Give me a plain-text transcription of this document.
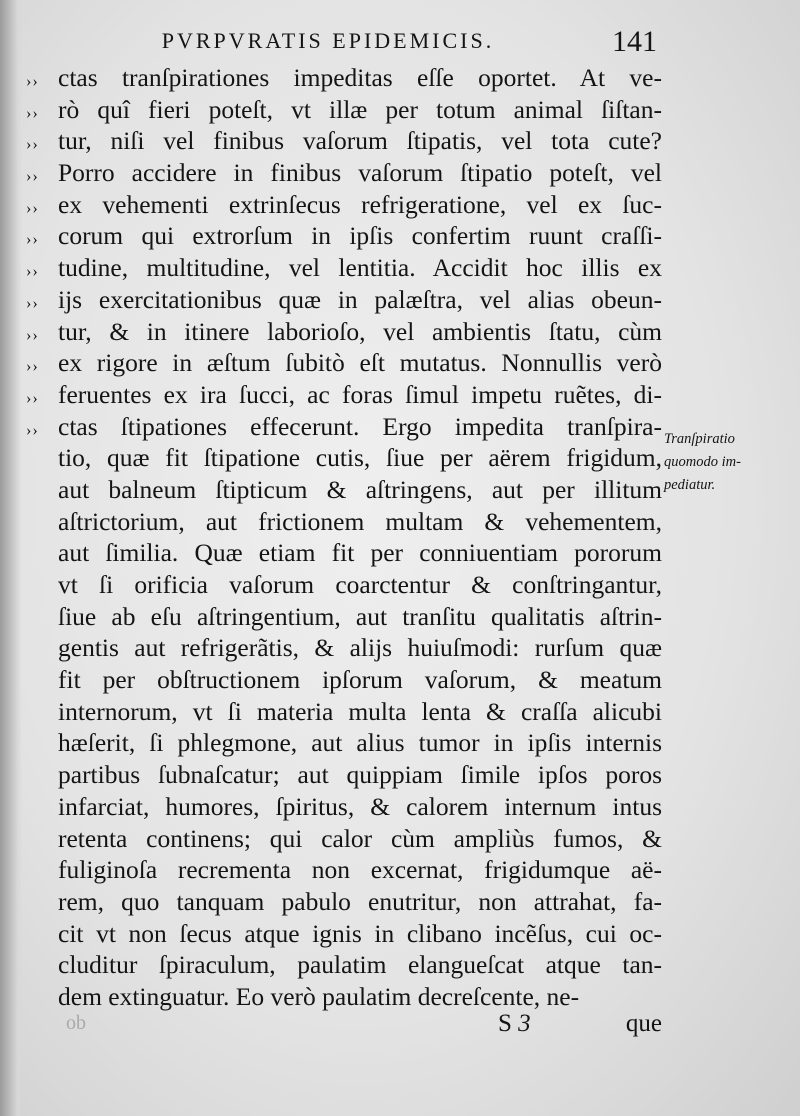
PVRPVRATIS EPIDEMICIS.	141
›› ctas tranſpirationes impeditas eſſe oportet. At ve-
›› rò quî fieri poteſt, vt illæ per totum animal ſiſtan-
›› tur, niſi vel finibus vaſorum ſtipatis, vel tota cute?
›› Porro accidere in finibus vaſorum ſtipatio poteſt, vel
›› ex vehementi extrinſecus refrigeratione, vel ex ſuc-
›› corum qui extrorſum in ipſis confertim ruunt craſſi-
›› tudine, multitudine, vel lentitia. Accidit hoc illis ex
›› ijs exercitationibus quæ in palæſtra, vel alias obeun-
›› tur, & in itinere laborioſo, vel ambientis ſtatu, cùm
›› ex rigore in æſtum ſubitò eſt mutatus. Nonnullis verò
›› feruentes ex ira ſucci, ac foras ſimul impetu ruẽtes, di-
›› ctas ſtipationes effecerunt. Ergo impedita tranſpira-
tio, quæ fit ſtipatione cutis, ſiue per aërem frigidum,
aut balneum ſtipticum & aſtringens, aut per illitum
aſtrictorium, aut frictionem multam & vehementem,
aut ſimilia. Quæ etiam fit per conniuentiam pororum
vt ſi orificia vaſorum coarctentur & conſtringantur,
ſiue ab eſu aſtringentium, aut tranſitu qualitatis aſtrin-
gentis aut refrigerãtis, & alijs huiuſmodi: rurſum quæ
fit per obſtructionem ipſorum vaſorum, & meatum
internorum, vt ſi materia multa lenta & craſſa alicubi
hæſerit, ſi phlegmone, aut alius tumor in ipſis internis
partibus ſubnaſcatur; aut quippiam ſimile ipſos poros
infarciat, humores, ſpiritus, & calorem internum intus
retenta continens; qui calor cùm ampliùs fumos, &
fuliginoſa recrementa non excernat, frigidumque aë-
rem, quo tanquam pabulo enutritur, non attrahat, fa-
cit vt non ſecus atque ignis in clibano incẽſus, cui oc-
cluditur ſpiraculum, paulatim elangueſcat atque tan-
dem extinguatur. Eo verò paulatim decreſcente, ne-
Tranſpiratio
quomodo im-
pediatur.
ob	S 3	que
